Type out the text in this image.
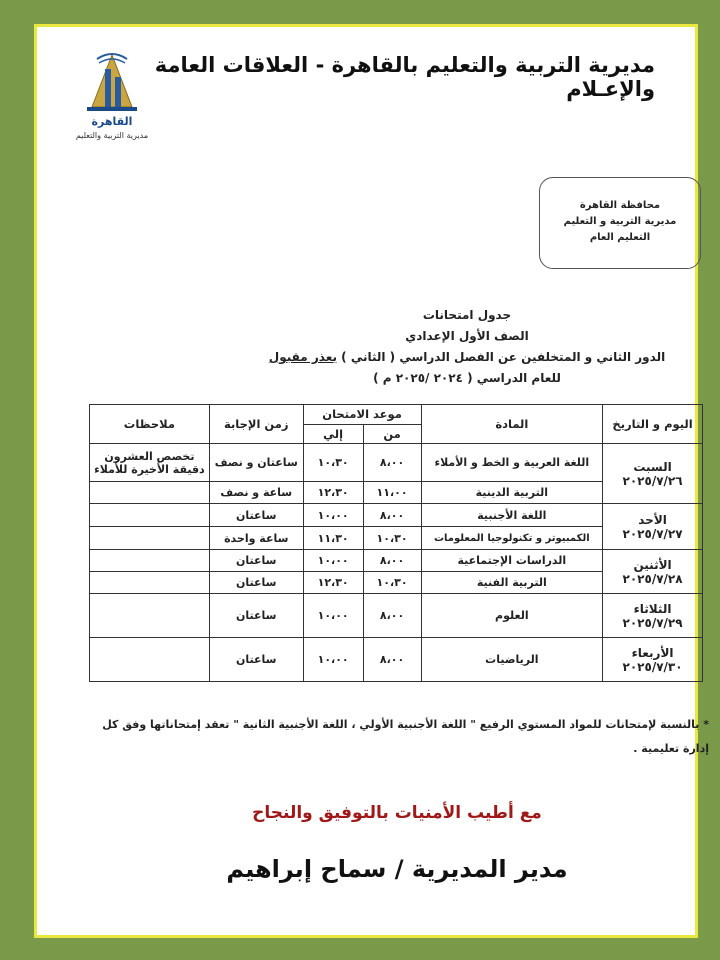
مديرية التربية والتعليم بالقاهرة - العلاقات العامة والإعـلام
القاهرة
مديرية التربية والتعليم
محافظة القاهرة
مديرية التربية و التعليم
التعليم العام
جدول امتحانات
الصف الأول الإعدادي
الدور الثاني و المتخلفين عن الفصل الدراسي ( الثاني ) بعذر مقبول
للعام الدراسي ( ٢٠٢٤ /٢٠٢٥ م )
اليوم و التاريخ	المادة	موعد الامتحان		زمن الإجابة	ملاحظات
		من	إلي		

السبت
٢٠٢٥/٧/٢٦	اللغة العربية و الخط و الأملاء	٨،٠٠	١٠،٣٠	ساعتان و نصف	تخصص العشرون دقيقة الأخيرة للأملاء
	التربية الدينية	١١،٠٠	١٢،٣٠	ساعة و نصف	

الأحد
٢٠٢٥/٧/٢٧	اللغة الأجنبية	٨،٠٠	١٠،٠٠	ساعتان	
	الكمبيوتر و تكنولوجيا المعلومات	١٠،٣٠	١١،٣٠	ساعة واحدة	

الأثنين
٢٠٢٥/٧/٢٨	الدراسات الإجتماعية	٨،٠٠	١٠،٠٠	ساعتان	
	التربية الفنية	١٠،٣٠	١٢،٣٠	ساعتان	

الثلاثاء
٢٠٢٥/٧/٢٩	العلوم	٨،٠٠	١٠،٠٠	ساعتان	

الأربعاء
٢٠٢٥/٧/٣٠	الرياضيات	٨،٠٠	١٠،٠٠	ساعتان	
* بالنسبة لإمتحانات للمواد المستوي الرفيع " اللغة الأجنبية الأولي ، اللغة الأجنبية الثانية " تعقد إمتحاناتها وفق كل إدارة تعليمية .
مع أطيب الأمنيات بالتوفيق والنجاح
مدير المديرية / سماح إبراهيم
